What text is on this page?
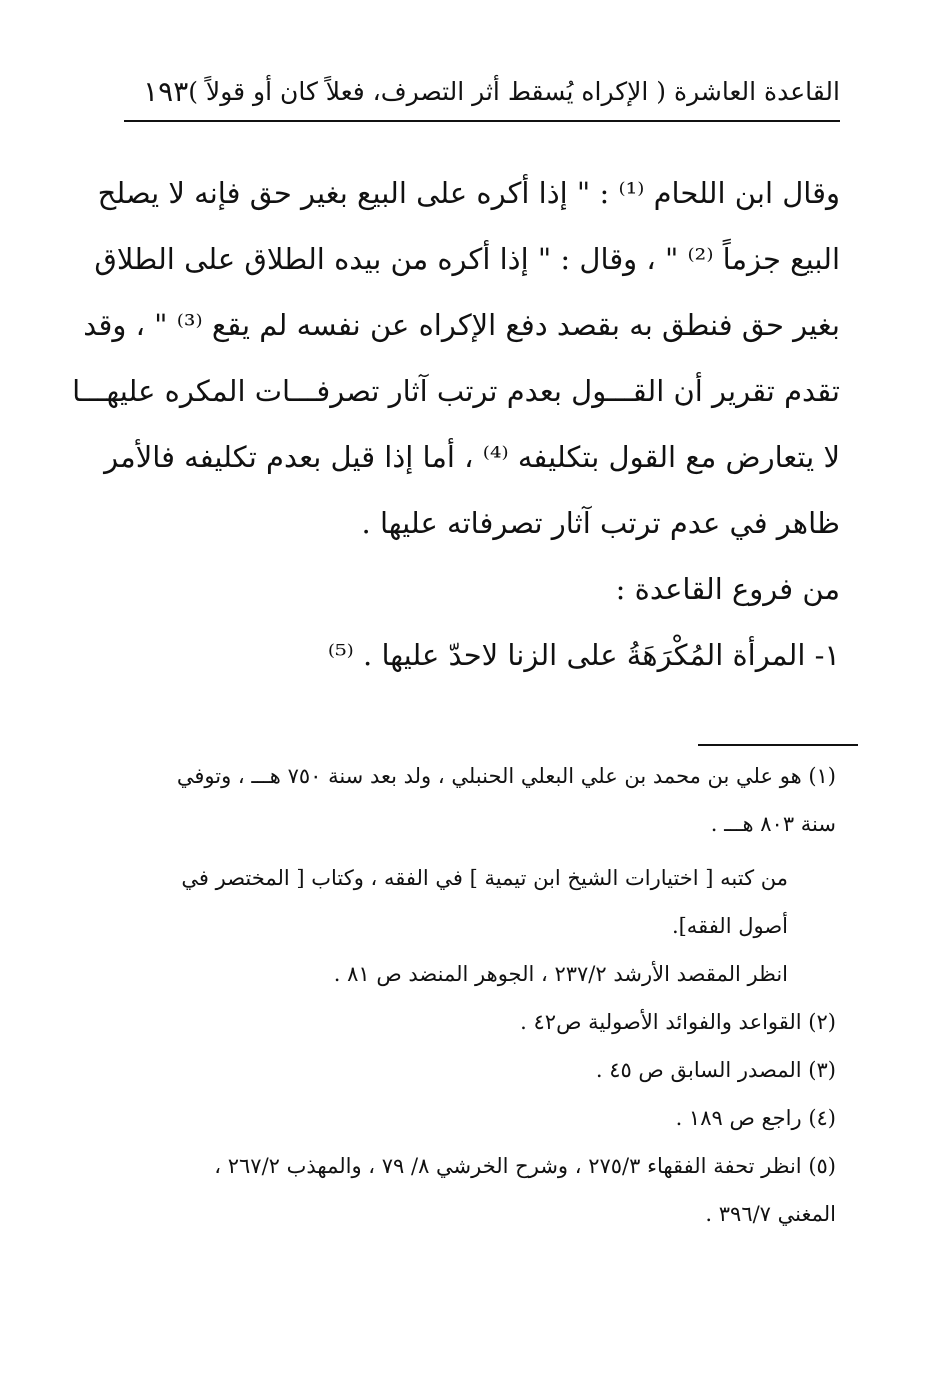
القاعدة العاشرة ( الإكراه يُسقط أثر التصرف، فعلاً كان أو قولاً )
١٩٣
وقال ابن اللحام ⁽¹⁾ : " إذا أكره على البيع بغير حق فإنه لا يصلح
البيع جزماً ⁽²⁾ " ، وقال : " إذا أكره من بيده الطلاق على الطلاق
بغير حق فنطق به بقصد دفع الإكراه عن نفسه لم يقع ⁽³⁾ " ، وقد
تقدم تقرير أن القـــول بعدم ترتب آثار تصرفـــات المكره عليهـــا
لا يتعارض مع القول بتكليفه ⁽⁴⁾ ، أما إذا قيل بعدم تكليفه فالأمر
ظاهر في عدم ترتب آثار تصرفاته عليها .
من فروع القاعدة :
١- المرأة المُكْرَهَةُ على الزنا لاحدّ عليها . ⁽⁵⁾
(١) هو علي بن محمد بن علي البعلي الحنبلي ، ولد بعد سنة ٧٥٠ هـــ ، وتوفي
سنة ٨٠٣ هـــ .
من كتبه [ اختيارات الشيخ ابن تيمية ] في الفقه ، وكتاب [ المختصر في
أصول الفقه].
انظر المقصد الأرشد ٢٣٧/٢ ، الجوهر المنضد ص ٨١ .
(٢) القواعد والفوائد الأصولية ص٤٢ .
(٣) المصدر السابق ص ٤٥ .
(٤) راجع ص ١٨٩ .
(٥) انظر تحفة الفقهاء ٢٧٥/٣ ، وشرح الخرشي ٨/ ٧٩ ، والمهذب ٢٦٧/٢ ،
المغني ٣٩٦/٧ .
